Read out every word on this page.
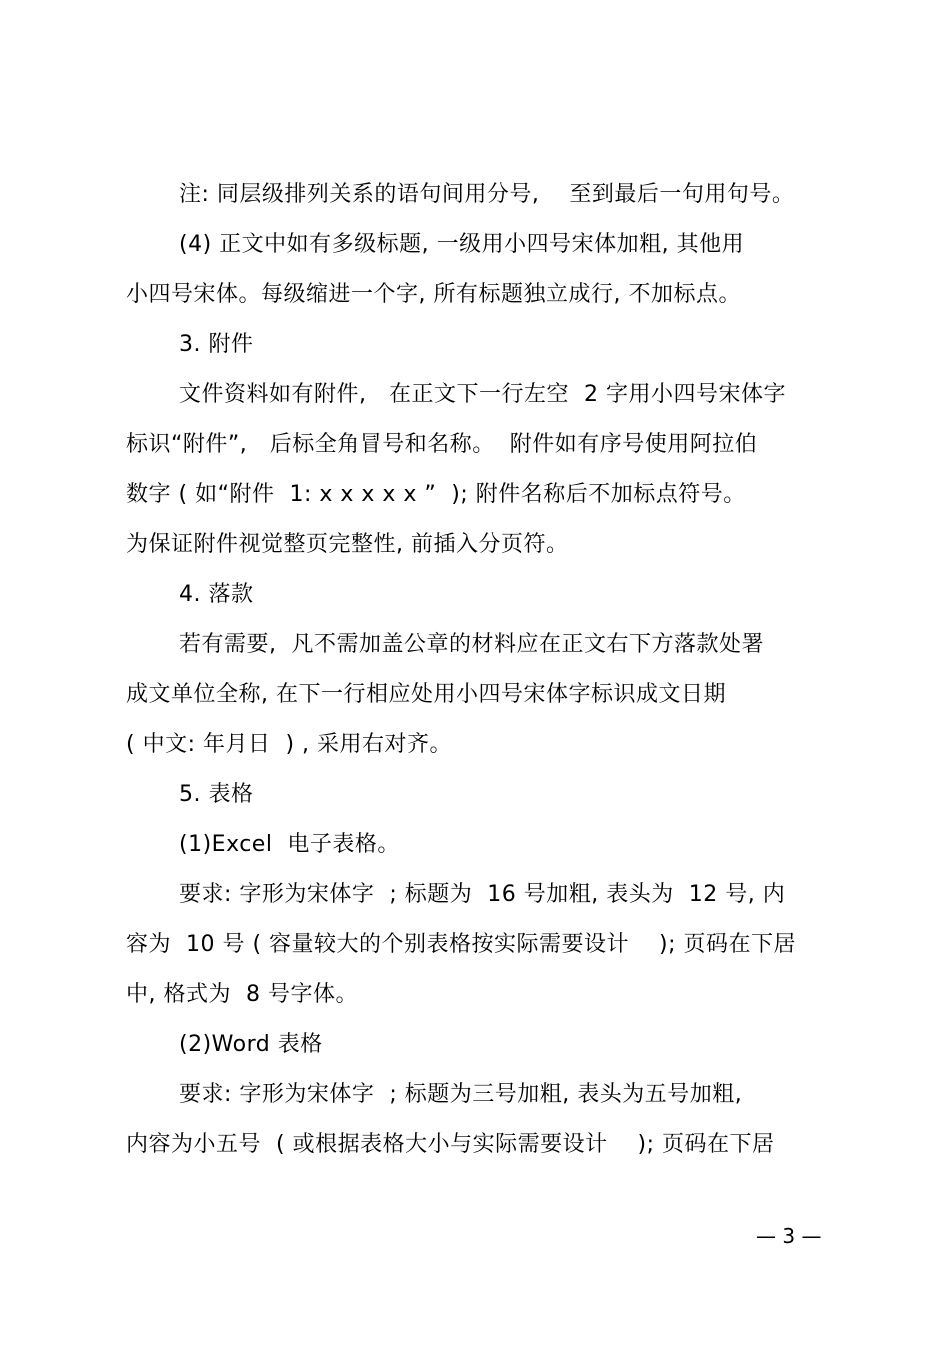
注: 同层级排列关系的语句间用分号,    至到最后一句用句号。
(4) 正文中如有多级标题, 一级用小四号宋体加粗, 其他用
小四号宋体。每级缩进一个字, 所有标题独立成行, 不加标点。
3. 附件
文件资料如有附件,   在正文下一行左空  2 字用小四号宋体字
标识“附件”,   后标全角冒号和名称。  附件如有序号使用阿拉伯
数字 ( 如“附件  1: x x x x x ”  ); 附件名称后不加标点符号。
为保证附件视觉整页完整性, 前插入分页符。
4. 落款
若有需要,  凡不需加盖公章的材料应在正文右下方落款处署
成文单位全称, 在下一行相应处用小四号宋体字标识成文日期
( 中文: 年月日  ) , 采用右对齐。
5. 表格
(1)Excel  电子表格。
要求: 字形为宋体字  ; 标题为  16 号加粗, 表头为  12 号, 内
容为  10 号 ( 容量较大的个别表格按实际需要设计    ); 页码在下居
中, 格式为  8 号字体。
(2)Word 表格
要求: 字形为宋体字  ; 标题为三号加粗, 表头为五号加粗,
内容为小五号  ( 或根据表格大小与实际需要设计    ); 页码在下居
— 3 —
